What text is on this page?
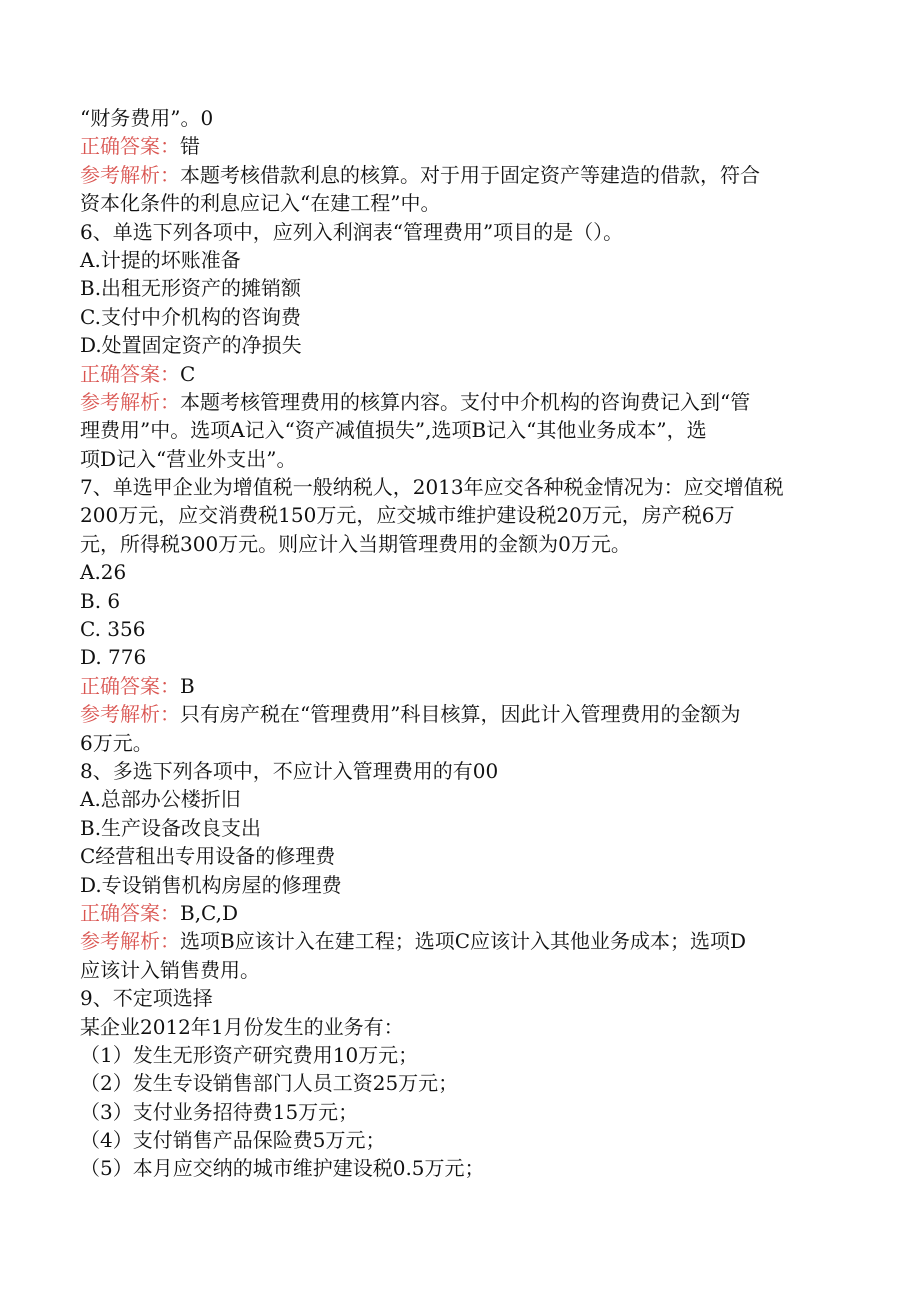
“财务费用”。0
正确答案：错
参考解析：本题考核借款利息的核算。对于用于固定资产等建造的借款，符合
资本化条件的利息应记入“在建工程”中。
6、单选下列各项中，应列入利润表“管理费用”项目的是（）。
A.计提的坏账准备
B.出租无形资产的摊销额
C.支付中介机构的咨询费
D.处置固定资产的净损失
正确答案：C
参考解析：本题考核管理费用的核算内容。支付中介机构的咨询费记入到“管
理费用”中。选项A记入“资产减值损失”,选项B记入“其他业务成本”，选
项D记入“营业外支出”。
7、单选甲企业为增值税一般纳税人，2013年应交各种税金情况为：应交增值税
200万元，应交消费税150万元，应交城市维护建设税20万元，房产税6万
元，所得税300万元。则应计入当期管理费用的金额为0万元。
A.26
B. 6
C. 356
D. 776
正确答案：B
参考解析：只有房产税在“管理费用”科目核算，因此计入管理费用的金额为
6万元。
8、多选下列各项中，不应计入管理费用的有00
A.总部办公楼折旧
B.生产设备改良支出
C经营租出专用设备的修理费
D.专设销售机构房屋的修理费
正确答案：B,C,D
参考解析：选项B应该计入在建工程；选项C应该计入其他业务成本；选项D
应该计入销售费用。
9、不定项选择
某企业2012年1月份发生的业务有：
（1）发生无形资产研究费用10万元；
（2）发生专设销售部门人员工资25万元；
（3）支付业务招待费15万元；
（4）支付销售产品保险费5万元；
（5）本月应交纳的城市维护建设税0.5万元；
